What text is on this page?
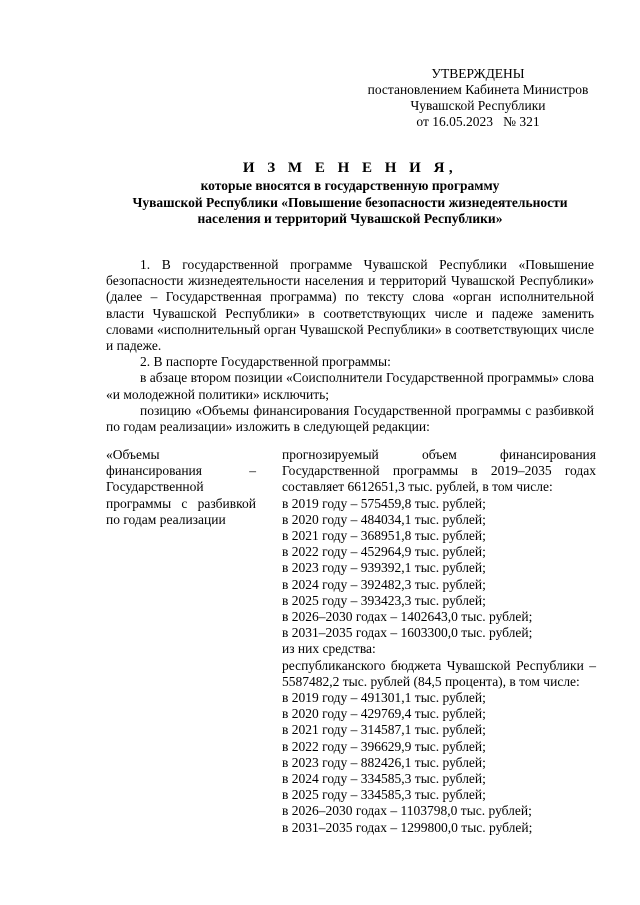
УТВЕРЖДЕНЫ
постановлением Кабинета Министров
Чувашской Республики
от 16.05.2023   № 321
И З М Е Н Е Н И Я,
которые вносятся в государственную программу
Чувашской Республики «Повышение безопасности жизнедеятельности
населения и территорий Чувашской Республики»

1. В государственной программе Чувашской Республики «Повышение безопасности жизнедеятельности населения и территорий Чувашской Республики» (далее – Государственная программа) по тексту слова «орган исполнительной власти Чувашской Республики» в соответствующих числе и падеже заменить словами «исполнительный орган Чувашской Республики» в соответствующих числе и падеже.

2. В паспорте Государственной программы:

в абзаце втором позиции «Соисполнители Государственной программы» слова «и молодежной политики» исключить;

позицию «Объемы финансирования Государственной программы с разбивкой по годам реализации» изложить в следующей редакции:

«Объемы финансирования – Государственной программы с разбивкой по годам реализации

прогнозируемый объем финансирования Государственной программы в 2019–2035 годах составляет 6612651,3 тыс. рублей, в том числе:

в 2019 году – 575459,8 тыс. рублей;
в 2020 году – 484034,1 тыс. рублей;
в 2021 году – 368951,8 тыс. рублей;
в 2022 году – 452964,9 тыс. рублей;
в 2023 году – 939392,1 тыс. рублей;
в 2024 году – 392482,3 тыс. рублей;
в 2025 году – 393423,3 тыс. рублей;
в 2026–2030 годах – 1402643,0 тыс. рублей;
в 2031–2035 годах – 1603300,0 тыс. рублей;
из них средства:

республиканского бюджета Чувашской Республики – 5587482,2 тыс. рублей (84,5 процента), в том числе:

в 2019 году – 491301,1 тыс. рублей;
в 2020 году – 429769,4 тыс. рублей;
в 2021 году – 314587,1 тыс. рублей;
в 2022 году – 396629,9 тыс. рублей;
в 2023 году – 882426,1 тыс. рублей;
в 2024 году – 334585,3 тыс. рублей;
в 2025 году – 334585,3 тыс. рублей;
в 2026–2030 годах – 1103798,0 тыс. рублей;
в 2031–2035 годах – 1299800,0 тыс. рублей;
